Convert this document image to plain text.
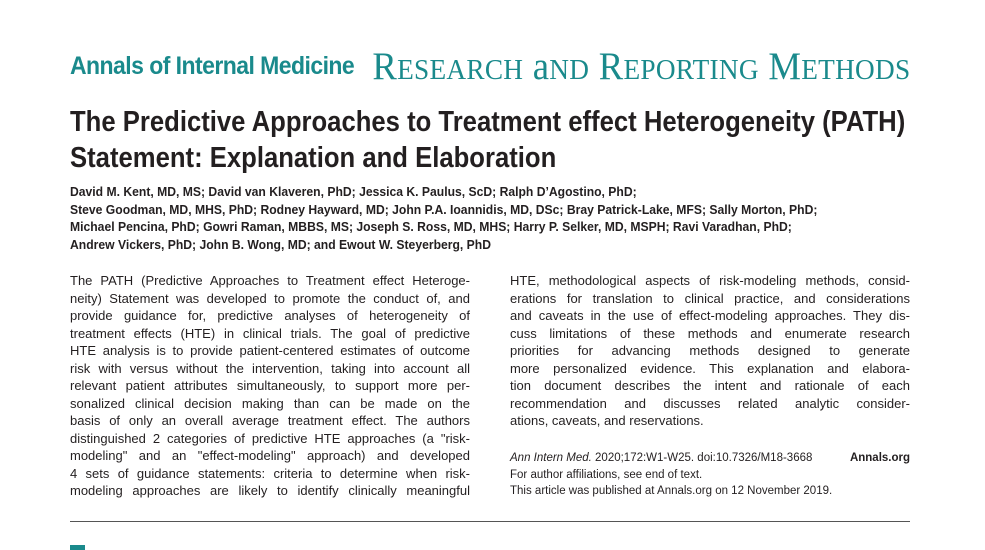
Annals of Internal Medicine RESEARCH aND REPORTING METHODS
The Predictive Approaches to Treatment effect Heterogeneity (PATH)
Statement: Explanation and Elaboration
David M. Kent, MD, MS; David van Klaveren, PhD; Jessica K. Paulus, ScD; Ralph D’Agostino, PhD;
Steve Goodman, MD, MHS, PhD; Rodney Hayward, MD; John P.A. Ioannidis, MD, DSc; Bray Patrick-Lake, MFS; Sally Morton, PhD;
Michael Pencina, PhD; Gowri Raman, MBBS, MS; Joseph S. Ross, MD, MHS; Harry P. Selker, MD, MSPH; Ravi Varadhan, PhD;
Andrew Vickers, PhD; John B. Wong, MD; and Ewout W. Steyerberg, PhD
The PATH (Predictive Approaches to Treatment effect Heteroge-
neity) Statement was developed to promote the conduct of, and
provide guidance for, predictive analyses of heterogeneity of
treatment effects (HTE) in clinical trials. The goal of predictive
HTE analysis is to provide patient-centered estimates of outcome
risk with versus without the intervention, taking into account all
relevant patient attributes simultaneously, to support more per-
sonalized clinical decision making than can be made on the
basis of only an overall average treatment effect. The authors
distinguished 2 categories of predictive HTE approaches (a "risk-
modeling" and an "effect-modeling" approach) and developed
4 sets of guidance statements: criteria to determine when risk-
modeling approaches are likely to identify clinically meaningful
HTE, methodological aspects of risk-modeling methods, consid-
erations for translation to clinical practice, and considerations
and caveats in the use of effect-modeling approaches. They dis-
cuss limitations of these methods and enumerate research
priorities for advancing methods designed to generate
more personalized evidence. This explanation and elabora-
tion document describes the intent and rationale of each
recommendation and discusses related analytic consider-
ations, caveats, and reservations.
Ann Intern Med. 2020;172:W1-W25. doi:10.7326/M18-3668	Annals.org
For author affiliations, see end of text.
This article was published at Annals.org on 12 November 2019.
